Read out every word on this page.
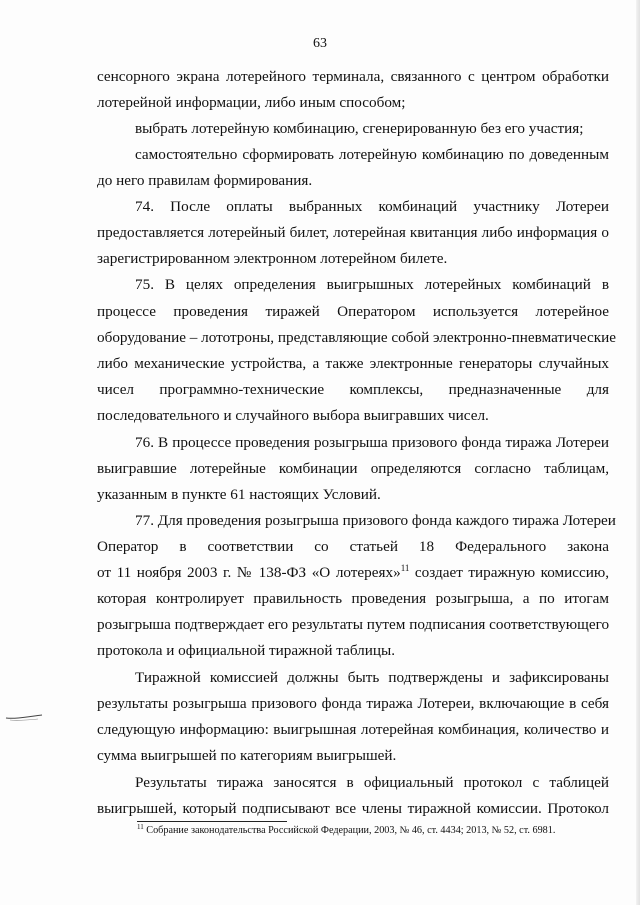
63
сенсорного экрана лотерейного терминала, связанного с центром обработки
лотерейной информации, либо иным способом;
выбрать лотерейную комбинацию, сгенерированную без его участия;
самостоятельно сформировать лотерейную комбинацию по доведенным
до него правилам формирования.
74. После оплаты выбранных комбинаций участнику Лотереи
предоставляется лотерейный билет, лотерейная квитанция либо информация о
зарегистрированном электронном лотерейном билете.
75. В целях определения выигрышных лотерейных комбинаций в
процессе проведения тиражей Оператором используется лотерейное
оборудование – лототроны, представляющие собой электронно-пневматические
либо механические устройства, а также электронные генераторы случайных
чисел программно-технические комплексы, предназначенные для
последовательного и случайного выбора выигравших чисел.
76. В процессе проведения розыгрыша призового фонда тиража Лотереи
выигравшие лотерейные комбинации определяются согласно таблицам,
указанным в пункте 61 настоящих Условий.
77. Для проведения розыгрыша призового фонда каждого тиража Лотереи
Оператор в соответствии со статьей 18 Федерального закона
от 11 ноября 2003 г. № 138-ФЗ «О лотереях»$^{11}$ создает тиражную комиссию,
которая контролирует правильность проведения розыгрыша, а по итогам
розыгрыша подтверждает его результаты путем подписания соответствующего
протокола и официальной тиражной таблицы.
Тиражной комиссией должны быть подтверждены и зафиксированы
результаты розыгрыша призового фонда тиража Лотереи, включающие в себя
следующую информацию: выигрышная лотерейная комбинация, количество и
сумма выигрышей по категориям выигрышей.
Результаты тиража заносятся в официальный протокол с таблицей
выигрышей, который подписывают все члены тиражной комиссии. Протокол
$^{11}$ Собрание законодательства Российской Федерации, 2003, № 46, ст. 4434; 2013, № 52, ст. 6981.
